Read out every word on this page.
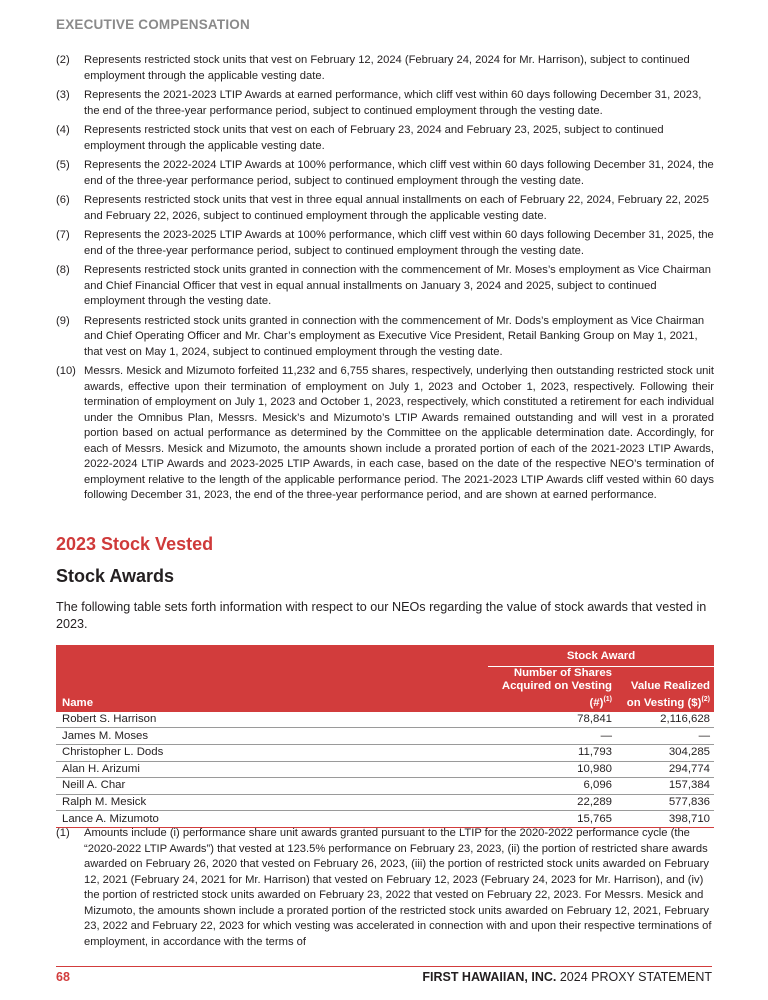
EXECUTIVE COMPENSATION
(2)	Represents restricted stock units that vest on February 12, 2024 (February 24, 2024 for Mr. Harrison), subject to continued employment through the applicable vesting date.
(3)	Represents the 2021-2023 LTIP Awards at earned performance, which cliff vest within 60 days following December 31, 2023, the end of the three-year performance period, subject to continued employment through the vesting date.
(4)	Represents restricted stock units that vest on each of February 23, 2024 and February 23, 2025, subject to continued employment through the applicable vesting date.
(5)	Represents the 2022-2024 LTIP Awards at 100% performance, which cliff vest within 60 days following December 31, 2024, the end of the three-year performance period, subject to continued employment through the vesting date.
(6)	Represents restricted stock units that vest in three equal annual installments on each of February 22, 2024, February 22, 2025 and February 22, 2026, subject to continued employment through the applicable vesting date.
(7)	Represents the 2023-2025 LTIP Awards at 100% performance, which cliff vest within 60 days following December 31, 2025, the end of the three-year performance period, subject to continued employment through the vesting date.
(8)	Represents restricted stock units granted in connection with the commencement of Mr. Moses’s employment as Vice Chairman and Chief Financial Officer that vest in equal annual installments on January 3, 2024 and 2025, subject to continued employment through the vesting date.
(9)	Represents restricted stock units granted in connection with the commencement of Mr. Dods’s employment as Vice Chairman and Chief Operating Officer and Mr. Char’s employment as Executive Vice President, Retail Banking Group on May 1, 2021, that vest on May 1, 2024, subject to continued employment through the vesting date.
(10) Messrs. Mesick and Mizumoto forfeited 11,232 and 6,755 shares, respectively, underlying then outstanding restricted stock unit awards, effective upon their termination of employment on July 1, 2023 and October 1, 2023, respectively. Following their termination of employment on July 1, 2023 and October 1, 2023, respectively, which constituted a retirement for each individual under the Omnibus Plan, Messrs. Mesick’s and Mizumoto’s LTIP Awards remained outstanding and will vest in a prorated portion based on actual performance as determined by the Committee on the applicable determination date. Accordingly, for each of Messrs. Mesick and Mizumoto, the amounts shown include a prorated portion of each of the 2021-2023 LTIP Awards, 2022-2024 LTIP Awards and 2023-2025 LTIP Awards, in each case, based on the date of the respective NEO’s termination of employment relative to the length of the applicable performance period. The 2021-2023 LTIP Awards cliff vested within 60 days following December 31, 2023, the end of the three-year performance period, and are shown at earned performance.
2023 Stock Vested
Stock Awards
The following table sets forth information with respect to our NEOs regarding the value of stock awards that vested in 2023.
	Stock Award	
Name	Number of Shares Acquired on Vesting (#)$^{(1)}$	Value Realized on Vesting ($)$^{(2)}$
Robert S. Harrison	78,841	2,116,628
James M. Moses	—	—
Christopher L. Dods	11,793	304,285
Alan H. Arizumi	10,980	294,774
Neill A. Char	6,096	157,384
Ralph M. Mesick	22,289	577,836
Lance A. Mizumoto	15,765	398,710
(1)	Amounts include (i) performance share unit awards granted pursuant to the LTIP for the 2020-2022 performance cycle (the “2020-2022 LTIP Awards”) that vested at 123.5% performance on February 23, 2023, (ii) the portion of restricted share awards awarded on February 26, 2020 that vested on February 26, 2023, (iii) the portion of restricted stock units awarded on February 12, 2021 (February 24, 2021 for Mr. Harrison) that vested on February 12, 2023 (February 24, 2023 for Mr. Harrison), and (iv) the portion of restricted stock units awarded on February 23, 2022 that vested on February 22, 2023. For Messrs. Mesick and Mizumoto, the amounts shown include a prorated portion of the restricted stock units awarded on February 12, 2021, February 23, 2022 and February 22, 2023 for which vesting was accelerated in connection with and upon their respective terminations of employment, in accordance with the terms of
68	FIRST HAWAIIAN, INC. 2024 PROXY STATEMENT
